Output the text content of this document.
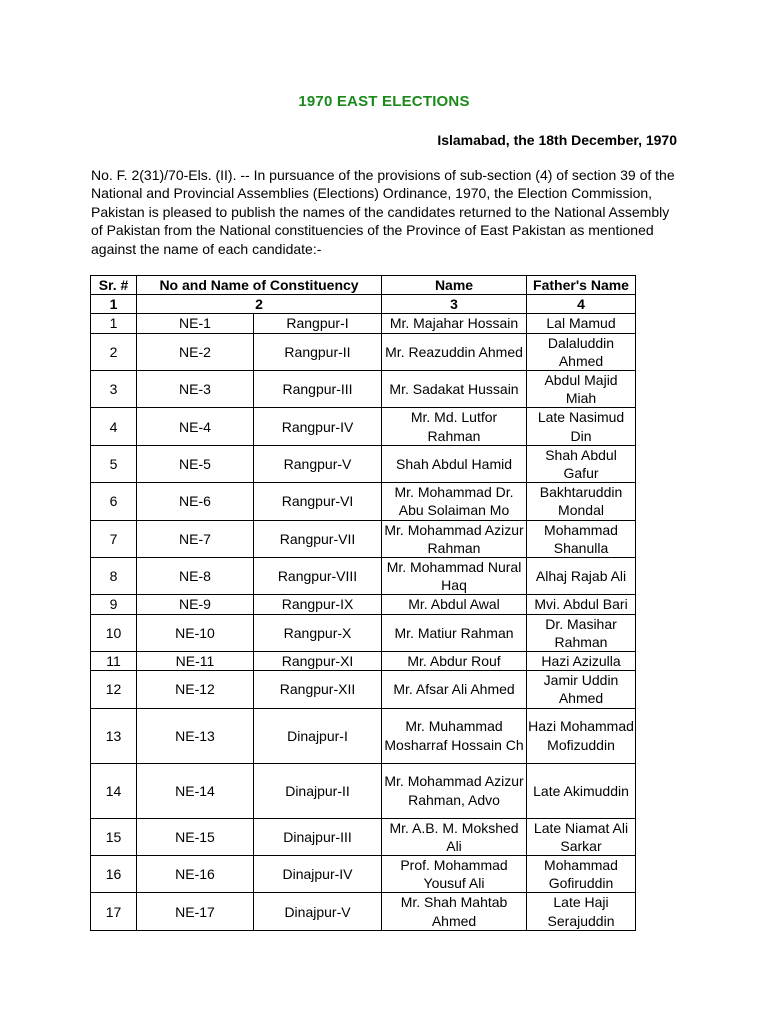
1970 EAST ELECTIONS
Islamabad, the 18th December, 1970

No. F. 2(31)/70-Els. (II). -- In pursuance of the provisions of sub-section (4) of section 39 of the National and Provincial Assemblies (Elections) Ordinance, 1970, the Election Commission, Pakistan is pleased to publish the names of the candidates returned to the National Assembly of Pakistan from the National constituencies of the Province of East Pakistan as mentioned against the name of each candidate:-

Sr. #	No and Name of Constituency		Name	Father's Name
1	2		3	4
1	NE-1	Rangpur-I	Mr. Majahar Hossain	Lal Mamud
2	NE-2	Rangpur-II	Mr. Reazuddin Ahmed	Dalaluddin Ahmed
3	NE-3	Rangpur-III	Mr. Sadakat Hussain	Abdul Majid Miah
4	NE-4	Rangpur-IV	Mr. Md. Lutfor Rahman	Late Nasimud Din
5	NE-5	Rangpur-V	Shah Abdul Hamid	Shah Abdul Gafur
6	NE-6	Rangpur-VI	Mr. Mohammad Dr. Abu Solaiman Mo	Bakhtaruddin Mondal
7	NE-7	Rangpur-VII	Mr. Mohammad Azizur Rahman	Mohammad Shanulla
8	NE-8	Rangpur-VIII	Mr. Mohammad Nural Haq	Alhaj Rajab Ali
9	NE-9	Rangpur-IX	Mr. Abdul Awal	Mvi. Abdul Bari
10	NE-10	Rangpur-X	Mr. Matiur Rahman	Dr. Masihar Rahman
11	NE-11	Rangpur-XI	Mr. Abdur Rouf	Hazi Azizulla
12	NE-12	Rangpur-XII	Mr. Afsar Ali Ahmed	Jamir Uddin Ahmed
13	NE-13	Dinajpur-I	Mr. Muhammad Mosharraf Hossain Ch	Hazi Mohammad Mofizuddin
14	NE-14	Dinajpur-II	Mr. Mohammad Azizur Rahman, Advo	Late Akimuddin
15	NE-15	Dinajpur-III	Mr. A.B. M. Mokshed Ali	Late Niamat Ali Sarkar
16	NE-16	Dinajpur-IV	Prof. Mohammad Yousuf Ali	Mohammad Gofiruddin
17	NE-17	Dinajpur-V	Mr. Shah Mahtab Ahmed	Late Haji Serajuddin
